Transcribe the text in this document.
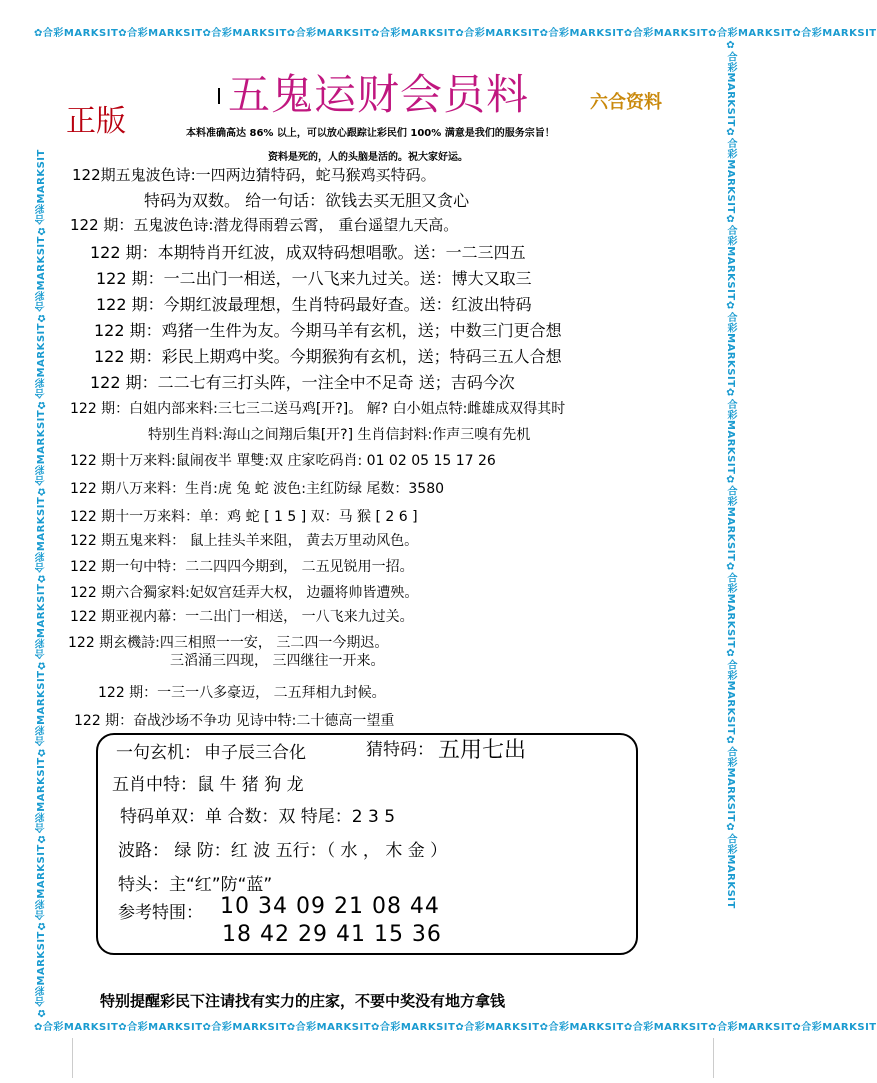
✿合彩MARKSIT✿合彩MARKSIT✿合彩MARKSIT✿合彩MARKSIT✿合彩MARKSIT✿合彩MARKSIT✿合彩MARKSIT✿合彩MARKSIT✿合彩MARKSIT✿合彩MARKSIT
✿合彩MARKSIT✿合彩MARKSIT✿合彩MARKSIT✿合彩MARKSIT✿合彩MARKSIT✿合彩MARKSIT✿合彩MARKSIT✿合彩MARKSIT✿合彩MARKSIT✿合彩MARKSIT
✿合彩MARKSIT✿合彩MARKSIT✿合彩MARKSIT✿合彩MARKSIT✿合彩MARKSIT✿合彩MARKSIT✿合彩MARKSIT✿合彩MARKSIT✿合彩MARKSIT✿合彩MARKSIT	✿合彩MARKSIT✿合彩MARKSIT✿合彩MARKSIT✿合彩MARKSIT✿合彩MARKSIT✿合彩MARKSIT✿合彩MARKSIT✿合彩MARKSIT✿合彩MARKSIT✿合彩MARKSIT
五鬼运财会员料
正版
六合资料
本料准确高达 86% 以上，可以放心跟踪让彩民们 100% 满意是我们的服务宗旨！
资料是死的，人的头脑是活的。祝大家好运。
122期五鬼波色诗:一四两边猜特码，蛇马猴鸡买特码。
特码为双数。 给一句话：欲钱去买无胆又贪心
122 期：五鬼波色诗:潜龙得雨碧云霄， 重台遥望九天高。
122 期：本期特肖开红波，成双特码想唱歌。送：一二三四五
122 期：一二出门一相送，一八飞来九过关。送：博大又取三
122 期：今期红波最理想，生肖特码最好查。送：红波出特码
122 期：鸡猪一生件为友。今期马羊有玄机，送；中数三门更合想
122 期：彩民上期鸡中奖。今期猴狗有玄机，送；特码三五人合想
122 期：二二七有三打头阵，一注全中不足奇 送；吉码今次
122 期：白姐内部来料:三七三二送马鸡[开?]。 解? 白小姐点特:雌雄成双得其时
特别生肖料:海山之间翔后集[开?] 生肖信封料:作声三嗅有先机
122 期十万来料:鼠闹夜半 單雙:双 庄家吃码肖: 01 02 05 15 17 26
122 期八万来料：生肖:虎 兔 蛇 波色:主红防绿 尾数：3580
122 期十一万来料：单：鸡 蛇 [ 1 5 ] 双：马 猴 [ 2 6 ]
122 期五鬼来料： 鼠上挂头羊来阻， 黄去万里动风色。
122 期一句中特：二二四四今期到， 二五见锐用一招。
122 期六合獨家料:妃奴宫廷弄大权， 边疆将帅皆遭殃。
122 期亚视内幕：一二出门一相送， 一八飞来九过关。
122 期玄機詩:四三相照一一安， 三二四一今期迟。
三滔涌三四现， 三四继往一开来。
122 期：一三一八多豪迈， 二五拜相九封候。
122 期：奋战沙场不争功 见诗中特:二十德高一望重
一句玄机： 申子辰三合化	猜特码： 五用七出
五肖中特：鼠 牛 猪 狗 龙
特码单双：单 合数：双 特尾：2 3 5
波路： 绿 防：红 波 五行：（ 水 ， 木 金 ）
特头：主“红”防“蓝”
参考特围： 10 34 09 21 08 44
18 42 29 41 15 36
特别提醒彩民下注请找有实力的庄家，不要中奖没有地方拿钱
